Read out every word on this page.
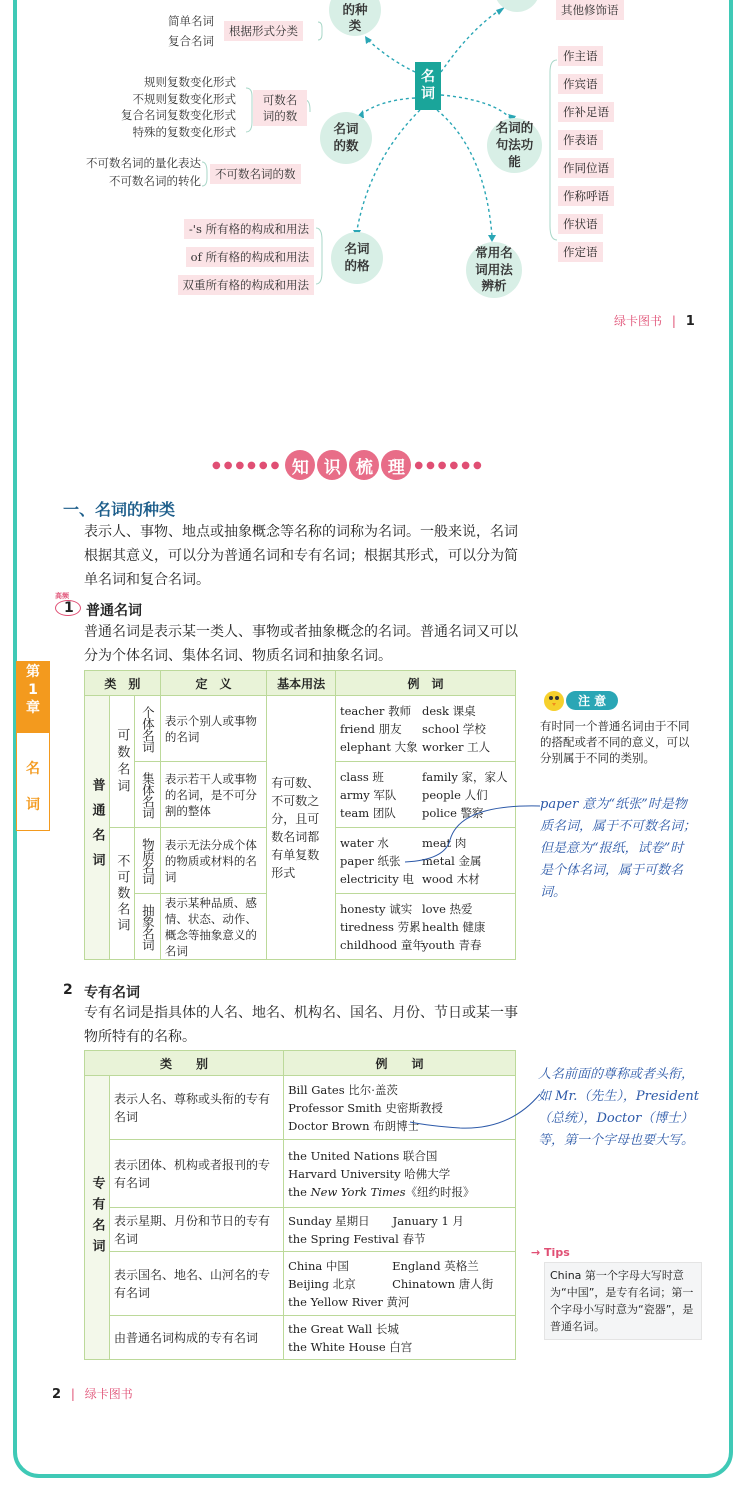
的种类
名词的数
名词的句法功能
名词的格
常用名词用法辨析
名词
简单名词
复合名词
根据形式分类
规则复数变化形式
不规则复数变化形式
复合名词复数变化形式
特殊的复数变化形式
可数名词的数
不可数名词的量化表达
不可数名词的转化	不可数名词的数
-'s 所有格的构成和用法
of 所有格的构成和用法
双重所有格的构成和用法
其他修饰语
作主语
作宾语
作补足语
作表语
作同位语
作称呼语
作状语
作定语
绿卡图书 | 1
●●●●●● 知 识 梳 理 ●●●●●●
第
1
章
名
词
一、名词的种类
表示人、事物、地点或抽象概念等名称的词称为名词。一般来说，名词根据其意义，可以分为普通名词和专有名词；根据其形式，可以分为简单名词和复合名词。
高频
1 普通名词
普通名词是表示某一类人、事物或者抽象概念的名词。普通名词又可以分为个体名词、集体名词、物质名词和抽象名词。
类　别			定　义	基本用法	例　词

普通名词	可数名词	个体名词	表示个别人或事物的名词	有可数、不可数之分，且可数名词都有单复数形式	teacher 教师 desk 课桌
friend 朋友 school 学校
elephant 大象 worker 工人

		集体名词	表示若干人或事物的名词，是不可分割的整体		class 班 family 家，家人
army 军队 people 人们
team 团队 police 警察

	不可数名词	物质名词	表示无法分成个体的物质或材料的名词		water 水 meat 肉
paper 纸张 metal 金属
electricity 电 wood 木材

		抽象名词	表示某种品质、感情、状态、动作、概念等抽象意义的名词		honesty 诚实 love 热爱
tiredness 劳累health 健康
childhood 童年youth 青春
注 意
有时同一个普通名词由于不同的搭配或者不同的意义，可以分别属于不同的类别。
paper 意为“纸张”时是物质名词，属于不可数名词；但是意为“报纸，试卷”时是个体名词，属于可数名词。
2 专有名词
专有名词是指具体的人名、地名、机构名、国名、月份、节日或某一事物所特有的名称。
类　　别		例　　词

专有名词	表示人名、尊称或头衔的专有名词	Bill Gates 比尔·盖茨
Professor Smith 史密斯教授
Doctor Brown 布朗博士

	表示团体、机构或者报刊的专有名词	the United Nations 联合国
Harvard University 哈佛大学
the New York Times《纽约时报》

	表示星期、月份和节日的专有名词	Sunday 星期日　　January 1 月
the Spring Festival 春节

	表示国名、地名、山河名的专有名词	China 中国 England 英格兰
Beijing 北京 Chinatown 唐人街
the Yellow River 黄河

	由普通名词构成的专有名词	the Great Wall 长城
the White House 白宫
人名前面的尊称或者头衔，如 Mr.（先生），President（总统），Doctor（博士）等，第一个字母也要大写。
→ Tips
China 第一个字母大写时意为“中国”，是专有名词；第一个字母小写时意为“瓷器”，是普通名词。
2 | 绿卡图书
